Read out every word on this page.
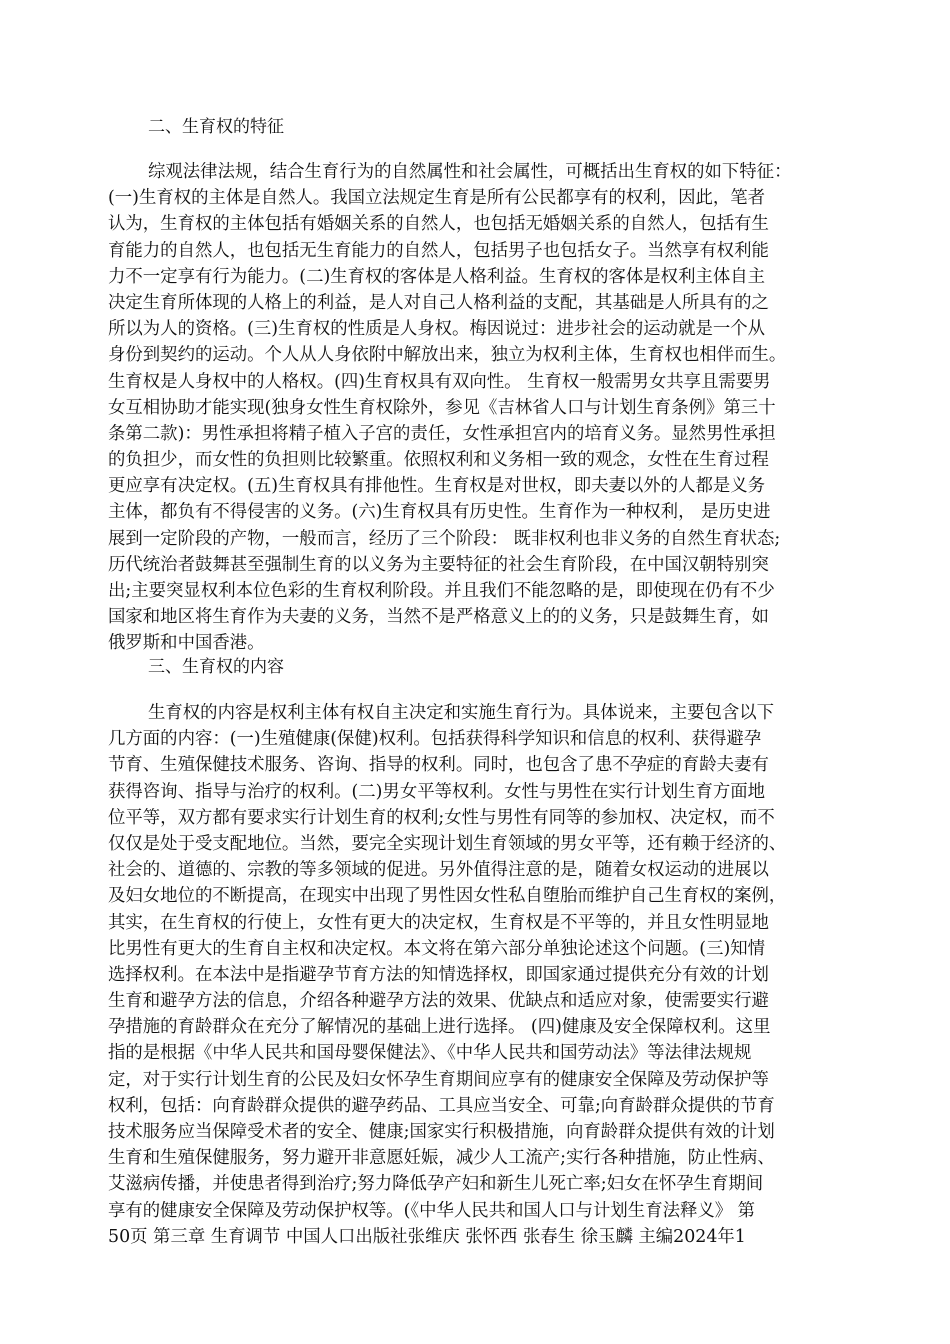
二、生育权的特征
综观法律法规，结合生育行为的自然属性和社会属性，可概括出生育权的如下特征：
(一)生育权的主体是自然人。我国立法规定生育是所有公民都享有的权利，因此，笔者
认为，生育权的主体包括有婚姻关系的自然人，也包括无婚姻关系的自然人，包括有生
育能力的自然人，也包括无生育能力的自然人，包括男子也包括女子。当然享有权利能
力不一定享有行为能力。(二)生育权的客体是人格利益。生育权的客体是权利主体自主
决定生育所体现的人格上的利益，是人对自己人格利益的支配，其基础是人所具有的之
所以为人的资格。(三)生育权的性质是人身权。梅因说过：进步社会的运动就是一个从
身份到契约的运动。个人从人身依附中解放出来，独立为权利主体，生育权也相伴而生。
生育权是人身权中的人格权。(四)生育权具有双向性。 生育权一般需男女共享且需要男
女互相协助才能实现(独身女性生育权除外，参见《吉林省人口与计划生育条例》第三十
条第二款)：男性承担将精子植入子宫的责任，女性承担宫内的培育义务。显然男性承担
的负担少，而女性的负担则比较繁重。依照权利和义务相一致的观念，女性在生育过程
更应享有决定权。(五)生育权具有排他性。生育权是对世权，即夫妻以外的人都是义务
主体，都负有不得侵害的义务。(六)生育权具有历史性。生育作为一种权利， 是历史进
展到一定阶段的产物，一般而言，经历了三个阶段： 既非权利也非义务的自然生育状态;
历代统治者鼓舞甚至强制生育的以义务为主要特征的社会生育阶段，在中国汉朝特别突
出;主要突显权利本位色彩的生育权利阶段。并且我们不能忽略的是，即使现在仍有不少
国家和地区将生育作为夫妻的义务，当然不是严格意义上的的义务，只是鼓舞生育，如
俄罗斯和中国香港。
三、生育权的内容
生育权的内容是权利主体有权自主决定和实施生育行为。具体说来，主要包含以下
几方面的内容：(一)生殖健康(保健)权利。包括获得科学知识和信息的权利、获得避孕
节育、生殖保健技术服务、咨询、指导的权利。同时，也包含了患不孕症的育龄夫妻有
获得咨询、指导与治疗的权利。(二)男女平等权利。女性与男性在实行计划生育方面地
位平等，双方都有要求实行计划生育的权利;女性与男性有同等的参加权、决定权，而不
仅仅是处于受支配地位。当然，要完全实现计划生育领域的男女平等，还有赖于经济的、
社会的、道德的、宗教的等多领域的促进。另外值得注意的是，随着女权运动的进展以
及妇女地位的不断提高，在现实中出现了男性因女性私自堕胎而维护自己生育权的案例，
其实，在生育权的行使上，女性有更大的决定权，生育权是不平等的，并且女性明显地
比男性有更大的生育自主权和决定权。本文将在第六部分单独论述这个问题。(三)知情
选择权利。在本法中是指避孕节育方法的知情选择权，即国家通过提供充分有效的计划
生育和避孕方法的信息，介绍各种避孕方法的效果、优缺点和适应对象，使需要实行避
孕措施的育龄群众在充分了解情况的基础上进行选择。 (四)健康及安全保障权利。这里
指的是根据《中华人民共和国母婴保健法》、《中华人民共和国劳动法》等法律法规规
定，对于实行计划生育的公民及妇女怀孕生育期间应享有的健康安全保障及劳动保护等
权利，包括：向育龄群众提供的避孕药品、工具应当安全、可靠;向育龄群众提供的节育
技术服务应当保障受术者的安全、健康;国家实行积极措施，向育龄群众提供有效的计划
生育和生殖保健服务，努力避开非意愿妊娠，减少人工流产;实行各种措施，防止性病、
艾滋病传播，并使患者得到治疗;努力降低孕产妇和新生儿死亡率;妇女在怀孕生育期间
享有的健康安全保障及劳动保护权等。(《中华人民共和国人口与计划生育法释义》 第
50页 第三章 生育调节 中国人口出版社张维庆 张怀西 张春生 徐玉麟 主编2024年1
